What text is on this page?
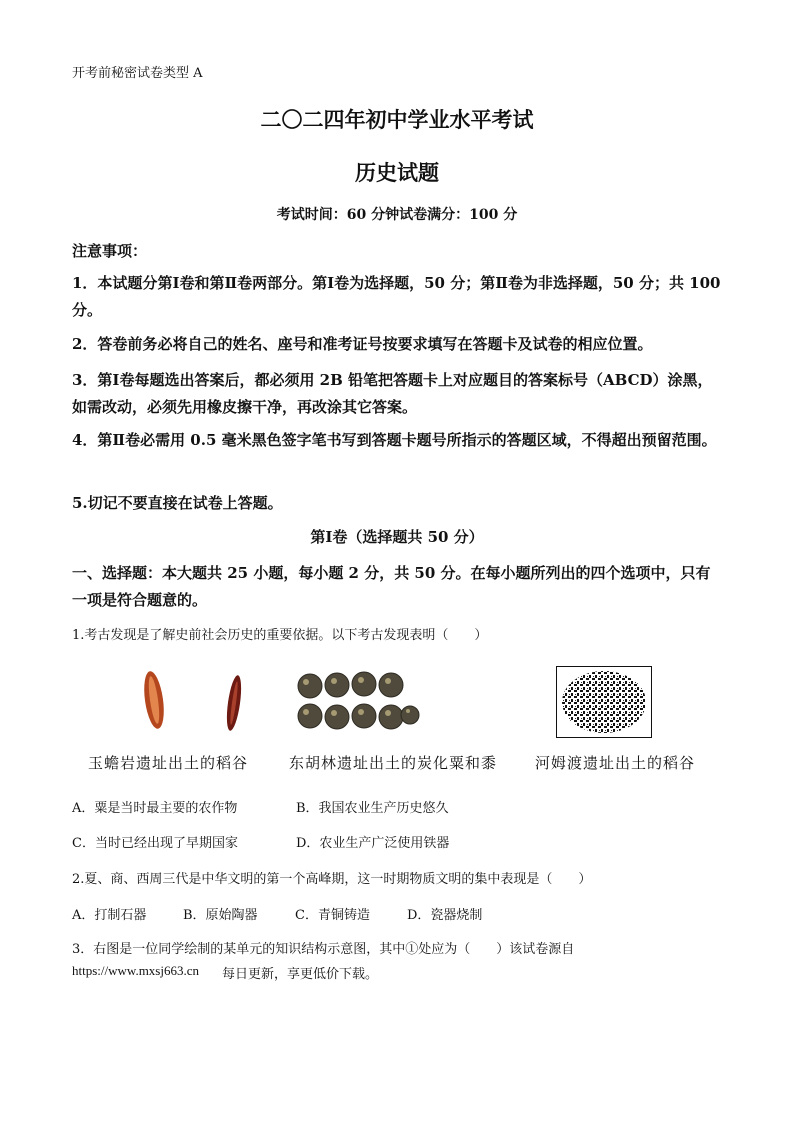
开考前秘密试卷类型 A
二〇二四年初中学业水平考试
历史试题
考试时间：60 分钟试卷满分：100 分
注意事项：
1．本试题分第Ⅰ卷和第Ⅱ卷两部分。第Ⅰ卷为选择题，50 分；第Ⅱ卷为非选择题，50 分；共 100 分。
2．答卷前务必将自己的姓名、座号和准考证号按要求填写在答题卡及试卷的相应位置。
3．第Ⅰ卷每题选出答案后，都必须用 2B 铅笔把答题卡上对应题目的答案标号（ABCD）涂黑，如需改动，必须先用橡皮擦干净，再改涂其它答案。
4．第Ⅱ卷必需用 0.5 毫米黑色签字笔书写到答题卡题号所指示的答题区域，不得超出预留范围。
5.切记不要直接在试卷上答题。
第Ⅰ卷（选择题共 50 分）
一、选择题：本大题共 25 小题，每小题 2 分，共 50 分。在每小题所列出的四个选项中，只有一项是符合题意的。
1.考古发现是了解史前社会历史的重要依据。以下考古发现表明（　　）
玉蟾岩遗址出土的稻谷	东胡林遗址出土的炭化粟和黍	河姆渡遗址出土的稻谷
A．粟是当时最主要的农作物	B．我国农业生产历史悠久
C．当时已经出现了早期国家	D．农业生产广泛使用铁器
2.夏、商、西周三代是中华文明的第一个高峰期，这一时期物质文明的集中表现是（　　）
A．打制石器	B．原始陶器	C．青铜铸造	D．瓷器烧制
3．右图是一位同学绘制的某单元的知识结构示意图，其中①处应为（　　）该试卷源自
https://www.mxsj663.cn 每日更新，享更低价下载。
